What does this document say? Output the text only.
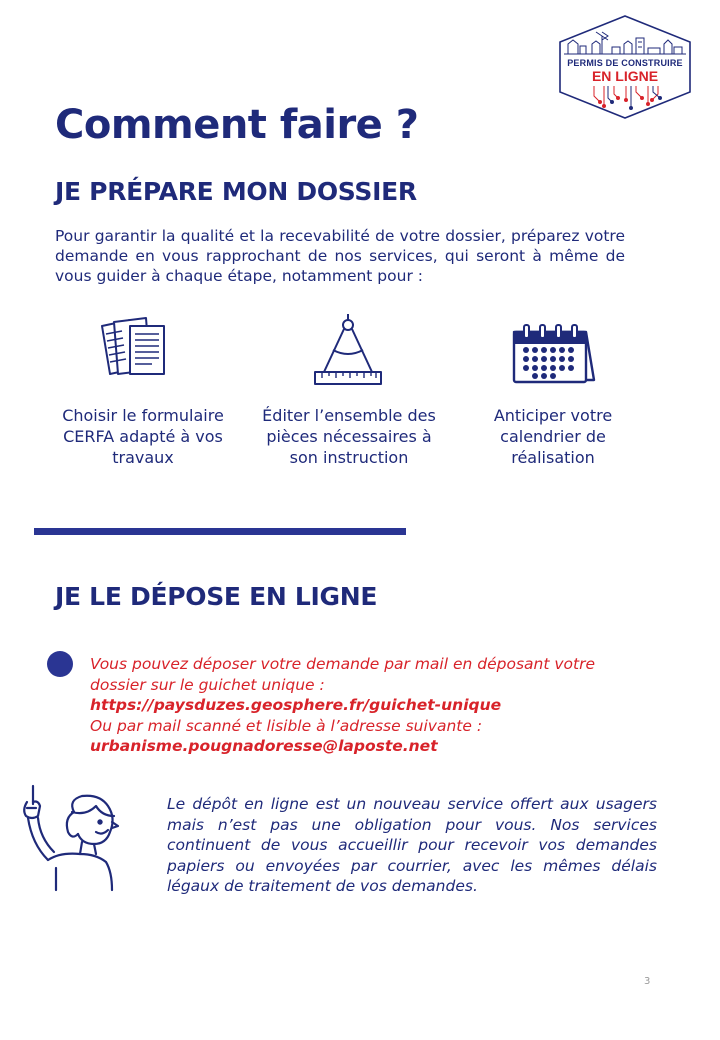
PERMIS DE CONSTRUIRE
EN LIGNE
Comment faire ?
JE PRÉPARE MON DOSSIER
Pour garantir la qualité et la recevabilité de votre dossier, préparez votre demande en vous rapprochant de nos services, qui seront à même de vous guider à chaque étape, notamment pour :
Choisir le formulaire
CERFA adapté à vos
travaux
Éditer l’ensemble des
pièces nécessaires à
son instruction
Anticiper votre
calendrier de
réalisation
JE LE DÉPOSE EN LIGNE
Vous pouvez déposer votre demande par mail en déposant votre
dossier sur le guichet unique :
https://paysduzes.geosphere.fr/guichet-unique
Ou par mail scanné et lisible à l’adresse suivante :
urbanisme.pougnadoresse@laposte.net
Le dépôt en ligne est un nouveau service offert aux usagers mais n’est pas une obligation pour vous. Nos services continuent de vous accueillir pour recevoir vos demandes papiers ou envoyées par courrier, avec les mêmes délais légaux de traitement de vos demandes.
3
